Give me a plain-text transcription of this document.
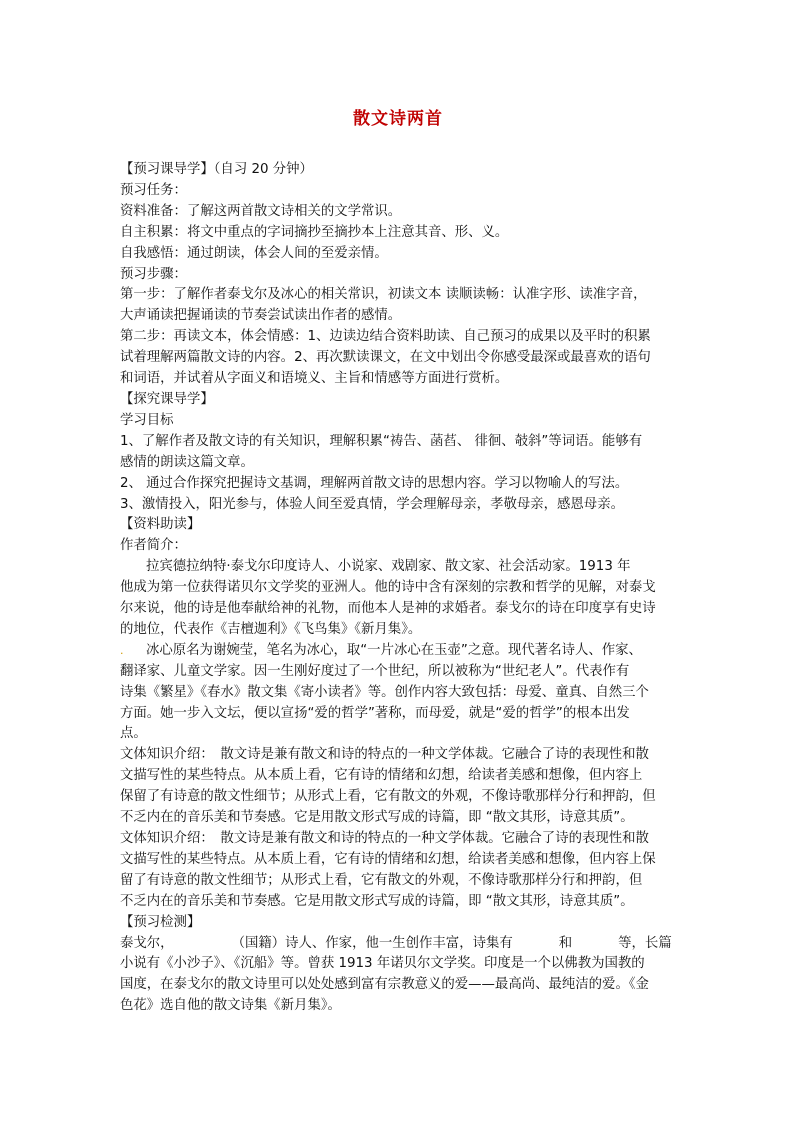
散文诗两首

【预习课导学】（自习 20 分钟）

预习任务：

资料准备：了解这两首散文诗相关的文学常识。

自主积累：将文中重点的字词摘抄至摘抄本上注意其音、形、义。

自我感悟：通过朗读，体会人间的至爱亲情。

预习步骤：

第一步：了解作者泰戈尔及冰心的相关常识，初读文本 读顺读畅：认准字形、读准字音，

大声诵读把握诵读的节奏尝试读出作者的感情。

第二步：再读文本，体会情感：1、边读边结合资料助读、自己预习的成果以及平时的积累

试着理解两篇散文诗的内容。2、再次默读课文，在文中划出令你感受最深或最喜欢的语句

和词语，并试着从字面义和语境义、主旨和情感等方面进行赏析。

【探究课导学】

学习目标

1、了解作者及散文诗的有关知识，理解积累“祷告、菡萏、 徘徊、攲斜”等词语。能够有

感情的朗读这篇文章。

2、 通过合作探究把握诗文基调，理解两首散文诗的思想内容。学习以物喻人的写法。

3、激情投入，阳光参与，体验人间至爱真情，学会理解母亲，孝敬母亲，感恩母亲。

【资料助读】

作者简介：

拉宾德拉纳特·泰戈尔印度诗人、小说家、戏剧家、散文家、社会活动家。1913 年

他成为第一位获得诺贝尔文学奖的亚洲人。他的诗中含有深刻的宗教和哲学的见解，对泰戈

尔来说，他的诗是他奉献给神的礼物，而他本人是神的求婚者。泰戈尔的诗在印度享有史诗

的地位，代表作《吉檀迦利》《飞鸟集》《新月集》。

. 冰心原名为谢婉莹，笔名为冰心，取“一片冰心在玉壶”之意。现代著名诗人、作家、

翻译家、儿童文学家。因一生刚好度过了一个世纪，所以被称为“世纪老人”。代表作有

诗集《繁星》《春水》散文集《寄小读者》等。创作内容大致包括：母爱、童真、自然三个

方面。她一步入文坛，便以宣扬“爱的哲学”著称，而母爱，就是“爱的哲学”的根本出发

点。

文体知识介绍：　散文诗是兼有散文和诗的特点的一种文学体裁。它融合了诗的表现性和散

文描写性的某些特点。从本质上看，它有诗的情绪和幻想，给读者美感和想像，但内容上

保留了有诗意的散文性细节；从形式上看，它有散文的外观，不像诗歌那样分行和押韵，但

不乏内在的音乐美和节奏感。它是用散文形式写成的诗篇，即 “散文其形，诗意其质”。

文体知识介绍：　散文诗是兼有散文和诗的特点的一种文学体裁。它融合了诗的表现性和散

文描写性的某些特点。从本质上看，它有诗的情绪和幻想，给读者美感和想像，但内容上保

留了有诗意的散文性细节；从形式上看，它有散文的外观，不像诗歌那样分行和押韵，但

不乏内在的音乐美和节奏感。它是用散文形式写成的诗篇，即 “散文其形，诗意其质”。

【预习检测】

泰戈尔，	（国籍）诗人、作家，他一生创作丰富，诗集有	和	等，长篇

小说有《小沙子》、《沉船》等。曾获 1913 年诺贝尔文学奖。印度是一个以佛教为国教的

国度，在泰戈尔的散文诗里可以处处感到富有宗教意义的爱——最高尚、最纯洁的爱。《金

色花》选自他的散文诗集《新月集》。
